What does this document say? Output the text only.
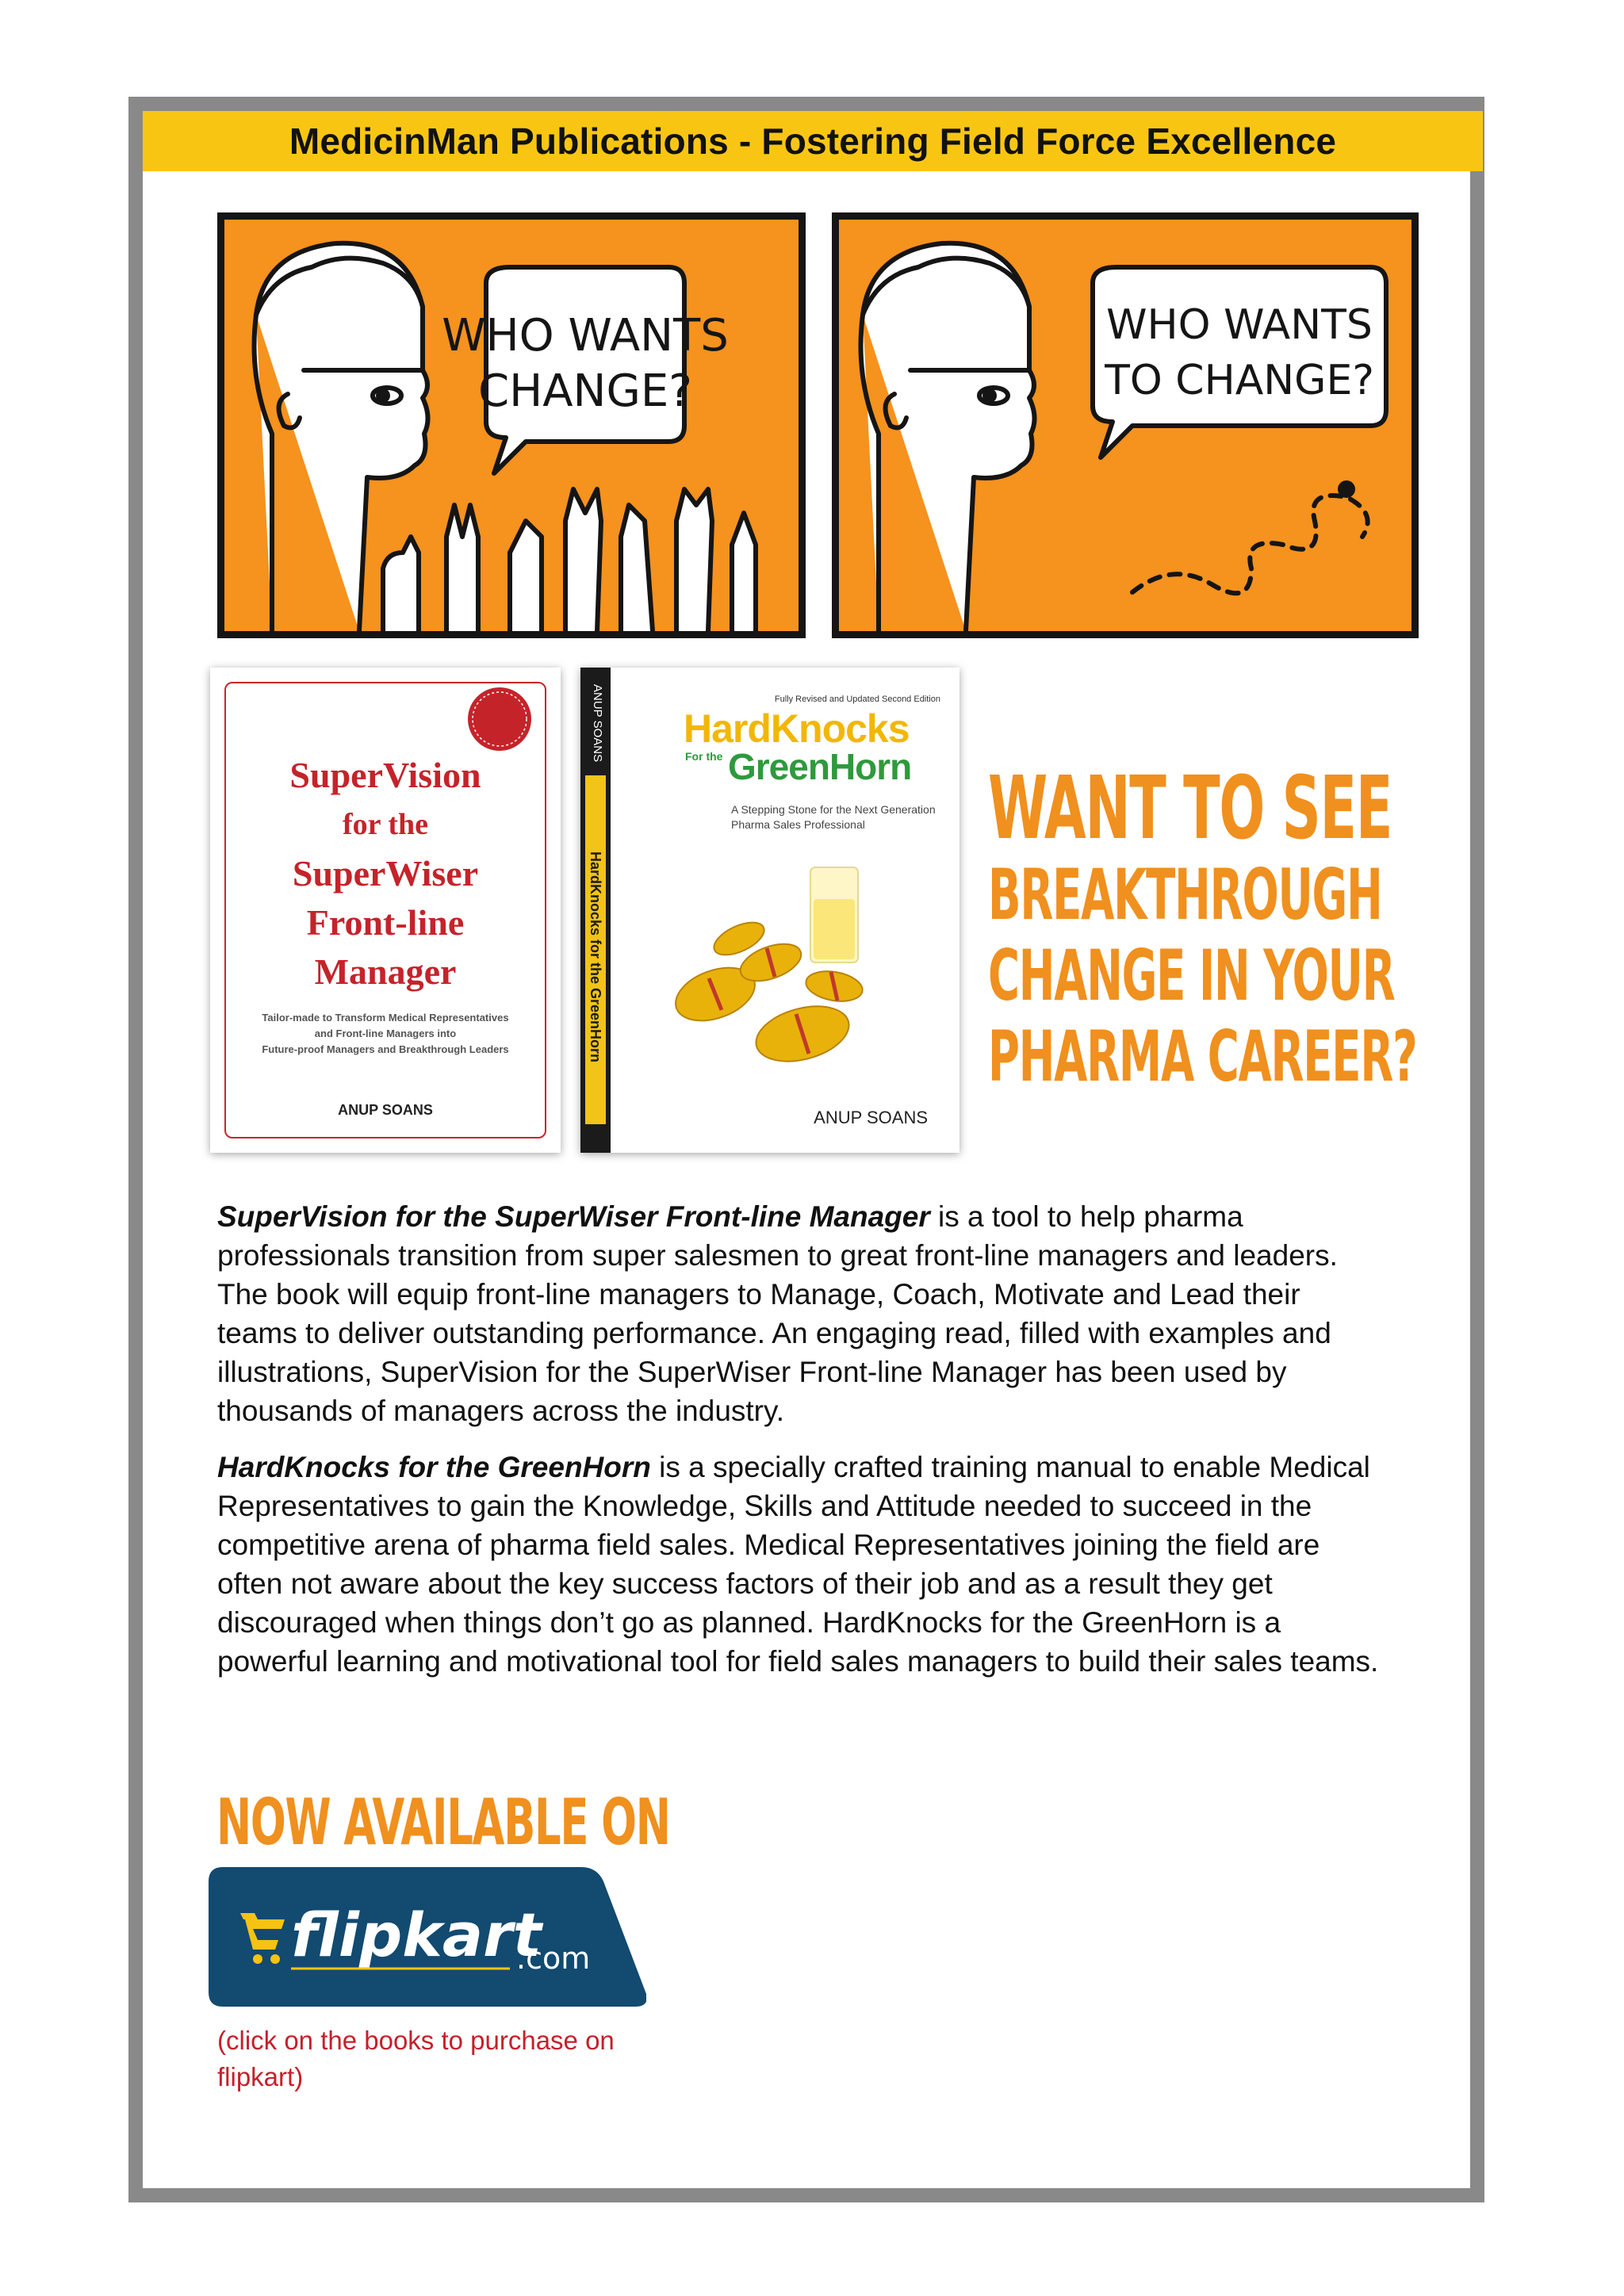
MedicinMan Publications - Fostering Field Force Excellence
WHO WANTS
CHANGE?
WHO WANTS
TO CHANGE?
SuperVision
for the
SuperWiser
Front-line
Manager
Tailor-made to Transform Medical Representatives
and Front-line Managers into
Future-proof Managers and Breakthrough Leaders
ANUP SOANS
ANUP SOANS
HardKnocks for the GreenHorn
Fully Revised and Updated Second Edition
HardKnocks
For the GreenHorn
A Stepping Stone for the Next Generation Pharma Sales Professional
ANUP SOANS
WANT TO SEE
BREAKTHROUGH
CHANGE IN YOUR
PHARMA CAREER?
SuperVision for the SuperWiser Front-line Manager is a tool to help pharma professionals transition from super salesmen to great front-line managers and leaders. The book will equip front-line managers to Manage, Coach, Motivate and Lead their teams to deliver outstanding performance. An engaging read, filled with examples and illustrations, SuperVision for the SuperWiser Front-line Manager has been used by thousands of managers across the industry.
HardKnocks for the GreenHorn is a specially crafted training manual to enable Medical Representatives to gain the Knowledge, Skills and Attitude needed to succeed in the competitive arena of pharma field sales. Medical Representatives joining the field are often not aware about the key success factors of their job and as a result they get discouraged when things don’t go as planned. HardKnocks for the GreenHorn is a powerful learning and motivational tool for field sales managers to build their sales teams.
NOW AVAILABLE ON
flipkart
.com
(click on the books to purchase on flipkart)
